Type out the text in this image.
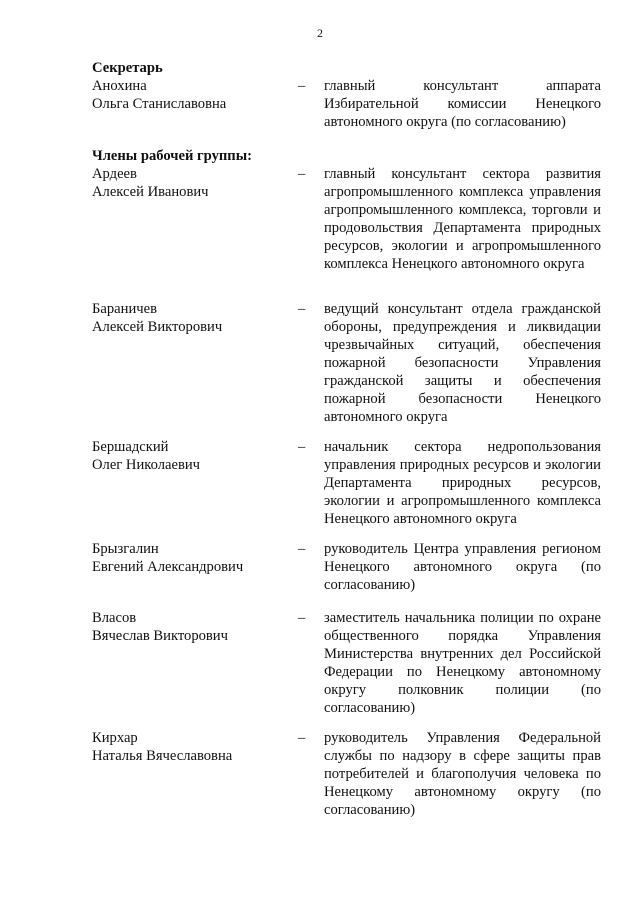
2
Секретарь
Анохина
Ольга Станиславовна
– главный консультант аппарата Избирательной комиссии Ненецкого автономного округа (по согласованию)
Члены рабочей группы:
Ардеев
Алексей Иванович
– главный консультант сектора развития агропромышленного комплекса управления агропромышленного комплекса, торговли и продовольствия Департамента природных ресурсов, экологии и агропромышленного комплекса Ненецкого автономного округа
Бараничев
Алексей Викторович
– ведущий консультант отдела гражданской обороны, предупреждения и ликвидации чрезвычайных ситуаций, обеспечения пожарной безопасности Управления гражданской защиты и обеспечения пожарной безопасности Ненецкого автономного округа
Бершадский
Олег Николаевич
– начальник сектора недропользования управления природных ресурсов и экологии Департамента природных ресурсов, экологии и агропромышленного комплекса Ненецкого автономного округа
Брызгалин
Евгений Александрович
– руководитель Центра управления регионом Ненецкого автономного округа (по согласованию)
Власов
Вячеслав Викторович
– заместитель начальника полиции по охране общественного порядка Управления Министерства внутренних дел Российской Федерации по Ненецкому автономному округу полковник полиции (по согласованию)
Кирхар
Наталья Вячеславовна
– руководитель Управления Федеральной службы по надзору в сфере защиты прав потребителей и благополучия человека по Ненецкому автономному округу (по согласованию)
